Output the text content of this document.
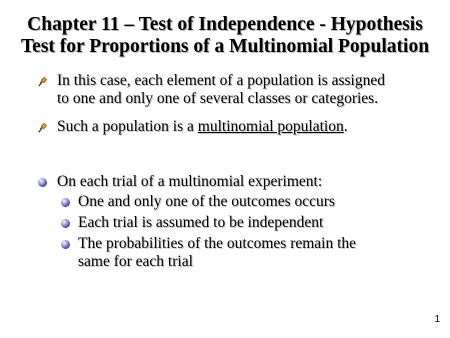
Chapter 11 – Test of Independence - Hypothesis
Test for Proportions of a Multinomial Population
In this case, each element of a population is assigned
to one and only one of several classes or categories.
Such a population is a multinomial population.
On each trial of a multinomial experiment:
One and only one of the outcomes occurs
Each trial is assumed to be independent
The probabilities of the outcomes remain the
same for each trial
1
